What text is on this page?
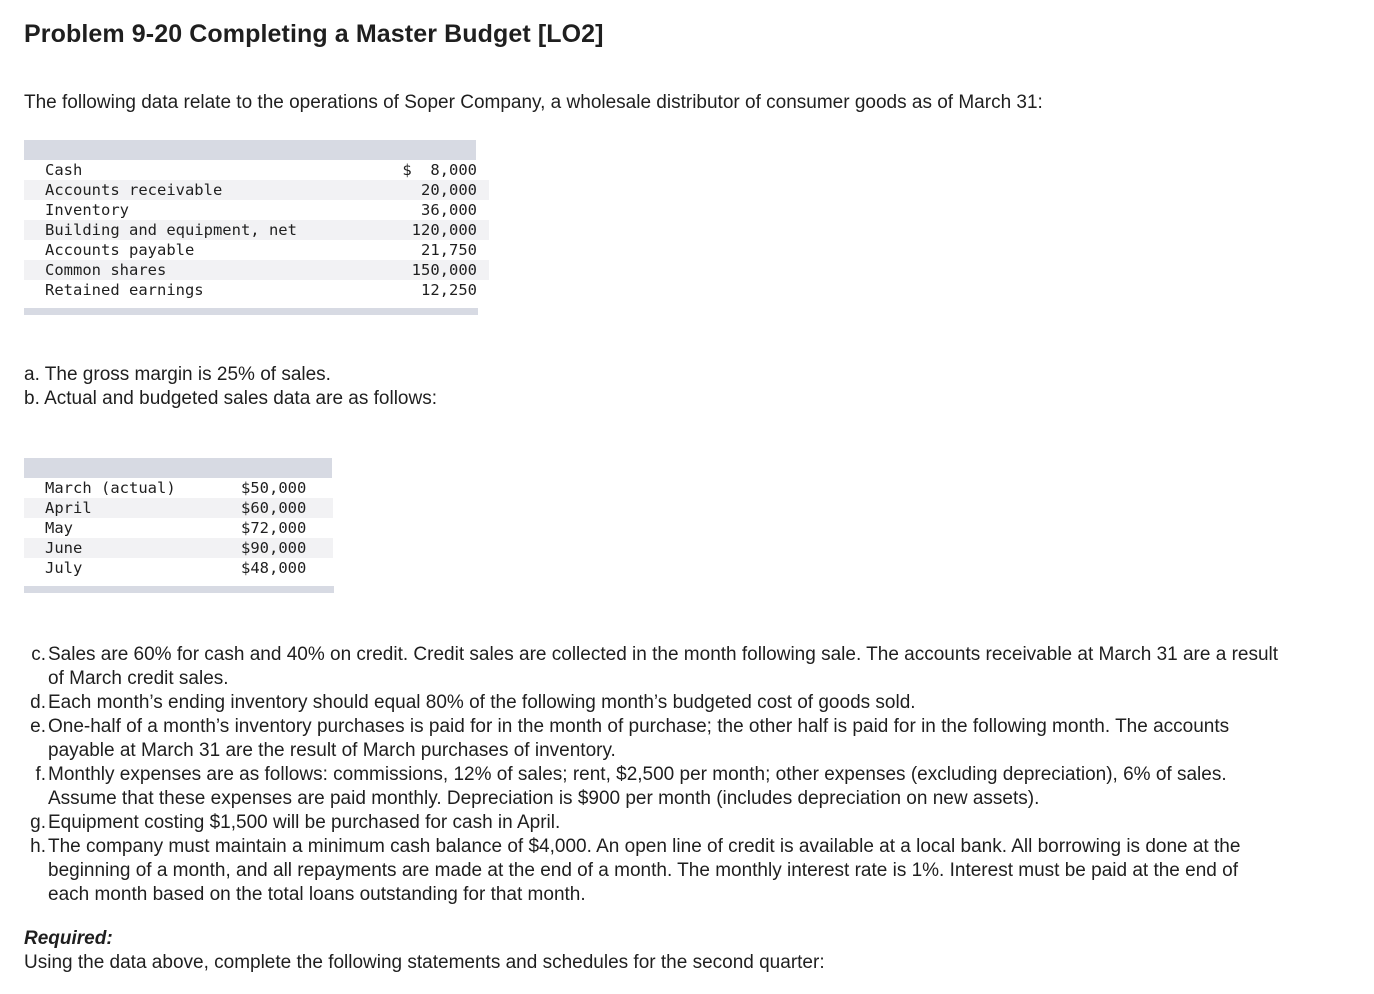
Problem 9-20 Completing a Master Budget [LO2]

The following data relate to the operations of Soper Company, a wholesale distributor of consumer goods as of March 31:

Cash	$  8,000
Accounts receivable	20,000
Inventory	36,000
Building and equipment, net	120,000
Accounts payable	21,750
Common shares	150,000
Retained earnings	12,250

a. The gross margin is 25% of sales.

b. Actual and budgeted sales data are as follows:

March (actual)	$50,000
April	$60,000
May	$72,000
June	$90,000
July	$48,000
c. Sales are 60% for cash and 40% on credit. Credit sales are collected in the month following sale. The accounts receivable at March 31 are a result of March credit sales.
d. Each month’s ending inventory should equal 80% of the following month’s budgeted cost of goods sold.
e. One-half of a month’s inventory purchases is paid for in the month of purchase; the other half is paid for in the following month. The accounts payable at March 31 are the result of March purchases of inventory.
f. Monthly expenses are as follows: commissions, 12% of sales; rent, $2,500 per month; other expenses (excluding depreciation), 6% of sales. Assume that these expenses are paid monthly. Depreciation is $900 per month (includes depreciation on new assets).
g. Equipment costing $1,500 will be purchased for cash in April.
h. The company must maintain a minimum cash balance of $4,000. An open line of credit is available at a local bank. All borrowing is done at the beginning of a month, and all repayments are made at the end of a month. The monthly interest rate is 1%. Interest must be paid at the end of each month based on the total loans outstanding for that month.

Required:

Using the data above, complete the following statements and schedules for the second quarter:
